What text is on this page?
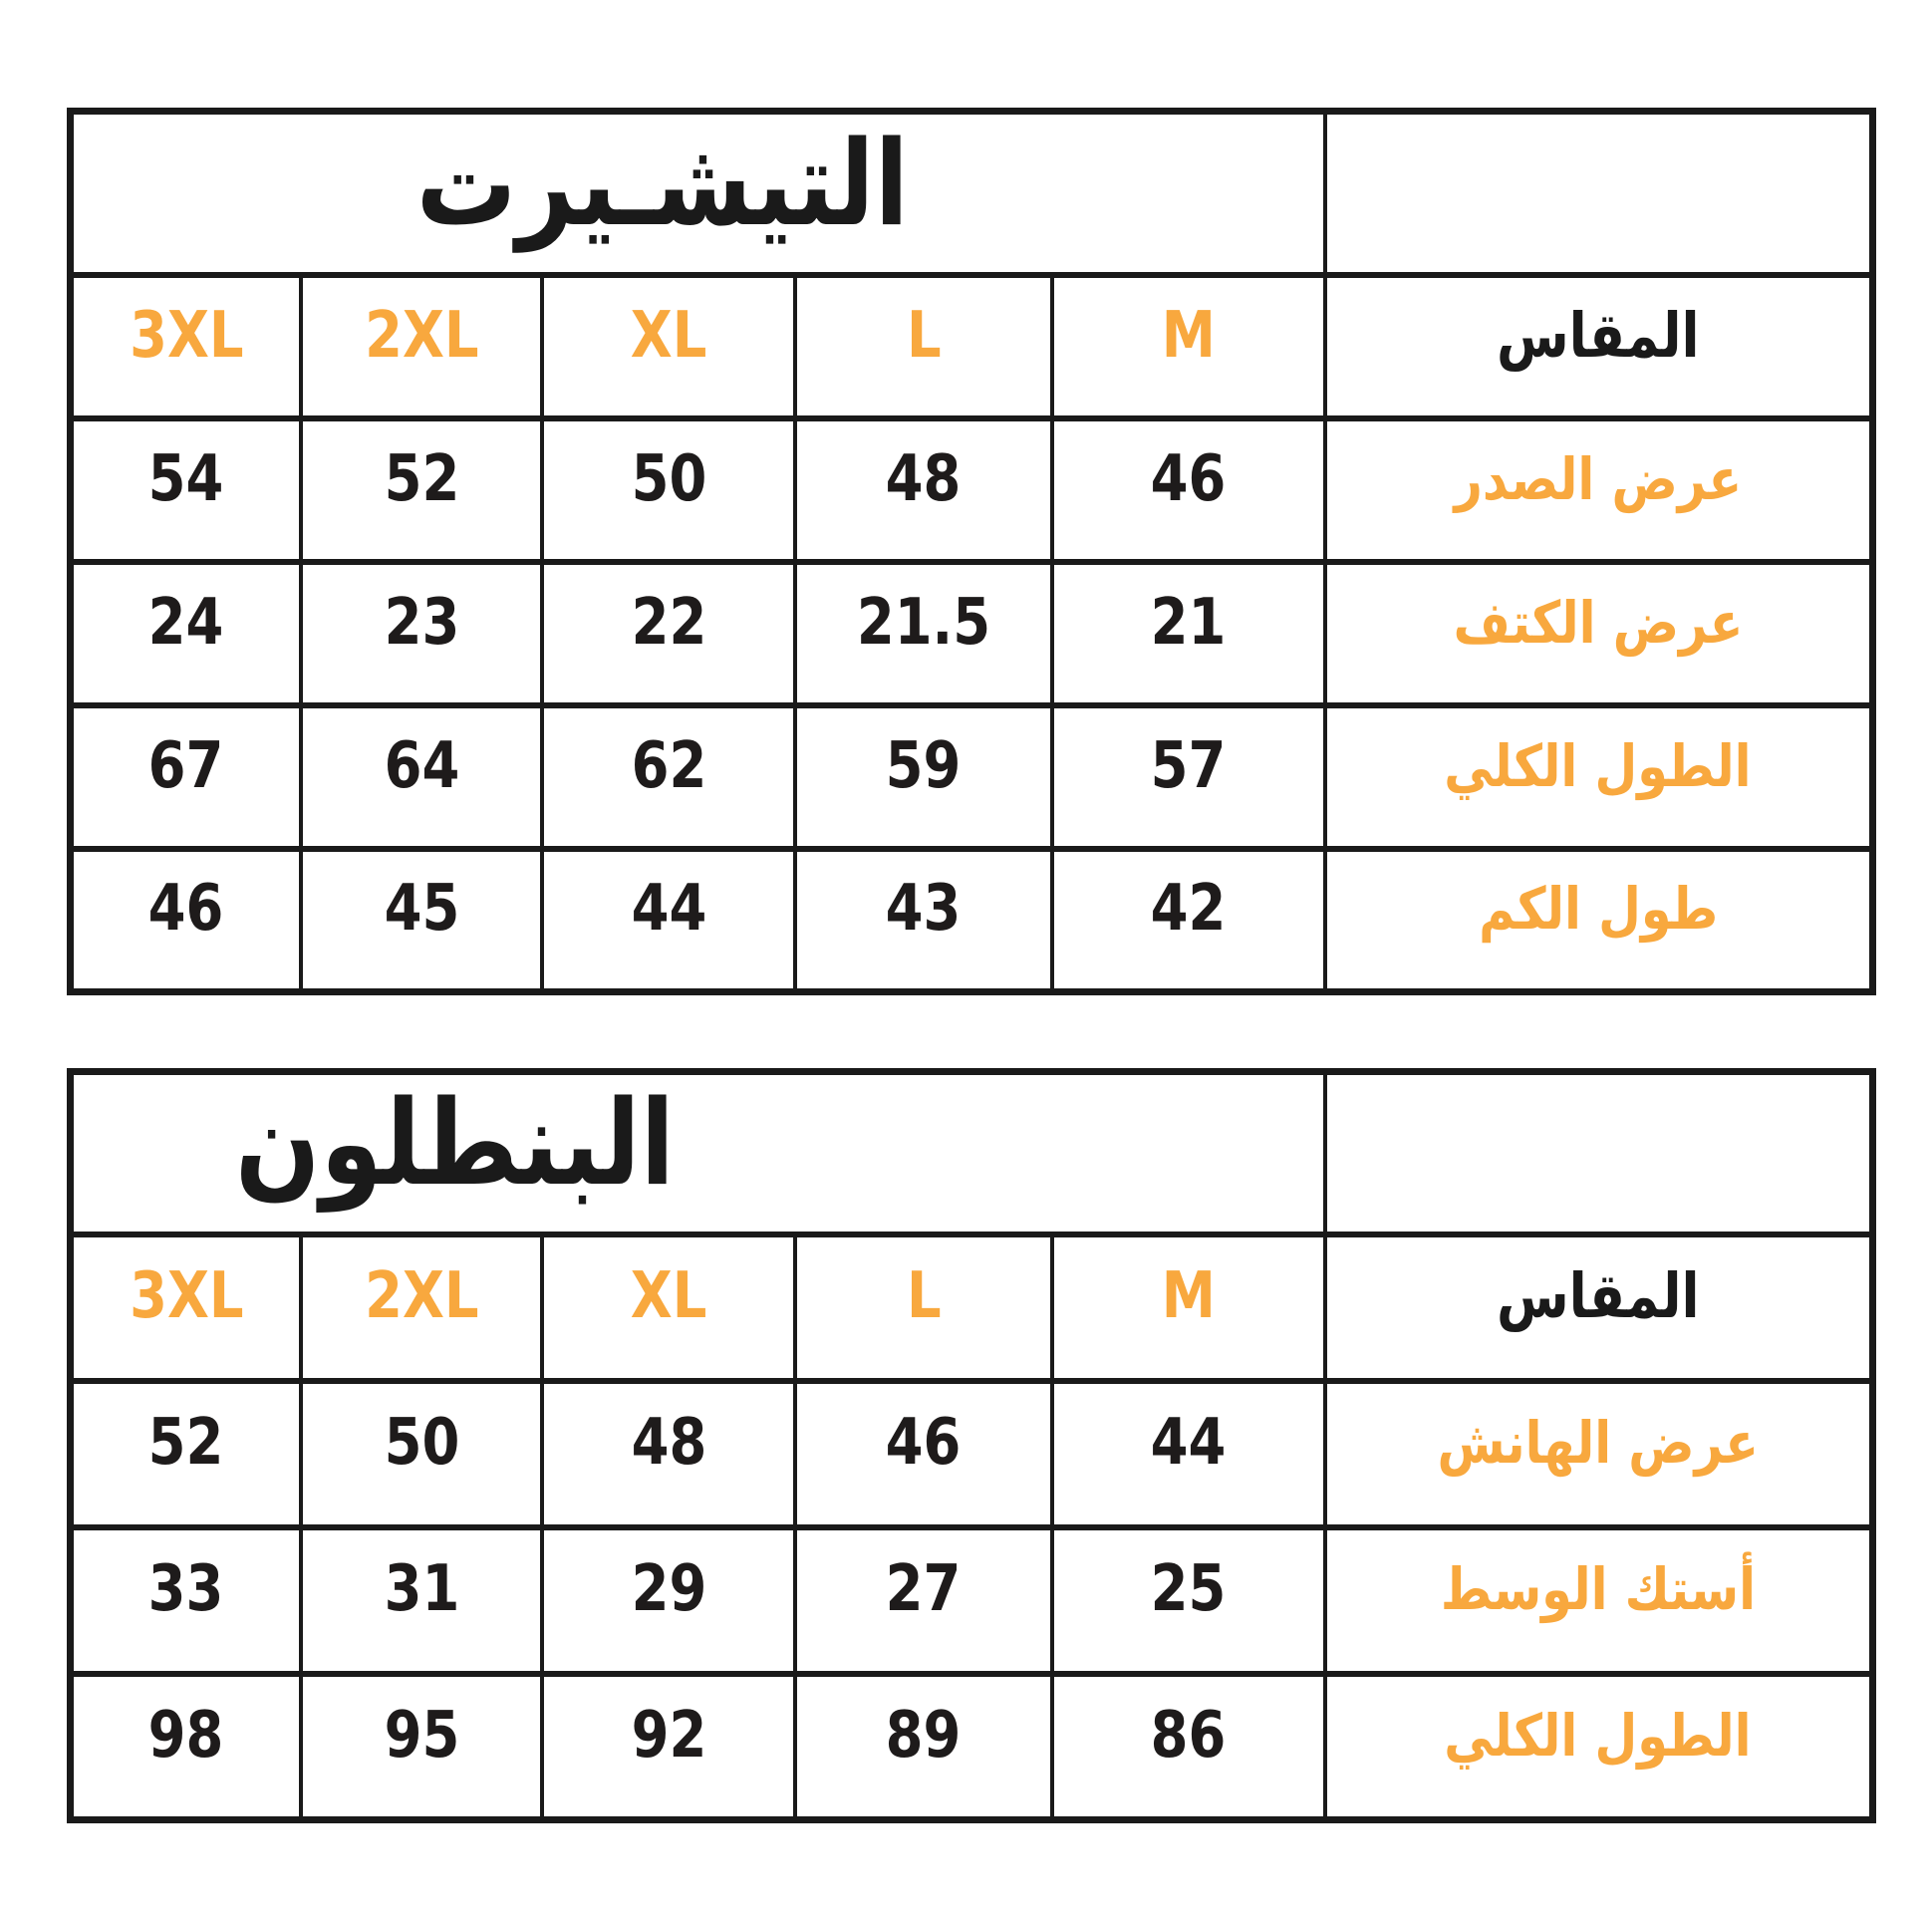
التيشـيرت					
3XL	2XL	XL	L	M	المقاس
54	52	50	48	46	عرض الصدر
24	23	22	21.5	21	عرض الكتف
67	64	62	59	57	الطول الكلي
46	45	44	43	42	طول الكم
البنطلون					
3XL	2XL	XL	L	M	المقاس
52	50	48	46	44	عرض الهانش
33	31	29	27	25	أستك الوسط
98	95	92	89	86	الطول الكلي
